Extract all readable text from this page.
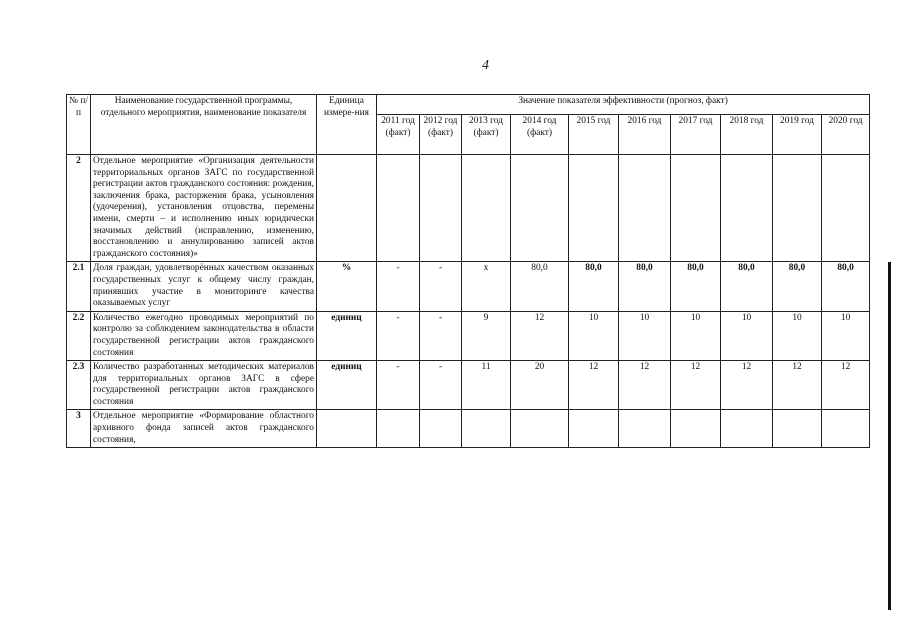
4
№ п/п	Наименование государственной программы, отдельного мероприятия, наименование показателя	Единица измере-ния	Значение показателя эффективности (прогноз, факт)									
			2011 год (факт)	2012 год (факт)	2013 год (факт)	2014 год (факт)	2015 год	2016 год	2017 год	2018 год	2019 год	2020 год
2	Отдельное мероприятие «Организация деятельности территориальных органов ЗАГС по государственной регистрации актов гражданского состояния: рождения, заключения брака, расторжения брака, усыновления (удочерения), установления отцовства, перемены имени, смерти – и исполнению иных юридически значимых действий (исправлению, изменению, восстановлению и аннулированию записей актов гражданского состояния)»											
2.1	Доля граждан, удовлетворённых качеством оказанных государственных услуг к общему числу граждан, принявших участие в мониторинге качества оказываемых услуг	%	-	-	х	80,0	80,0	80,0	80,0	80,0	80,0	80,0
2.2	Количество ежегодно проводимых мероприятий по контролю за соблюдением законодательства в области государственной регистрации актов гражданского состояния	единиц	-	-	9	12	10	10	10	10	10	10
2.3	Количество разработанных методических материалов для территориальных органов ЗАГС в сфере государственной регистрации актов гражданского состояния	единиц	-	-	11	20	12	12	12	12	12	12
3	Отдельное мероприятие «Формирование областного архивного фонда записей актов гражданского состояния,											
